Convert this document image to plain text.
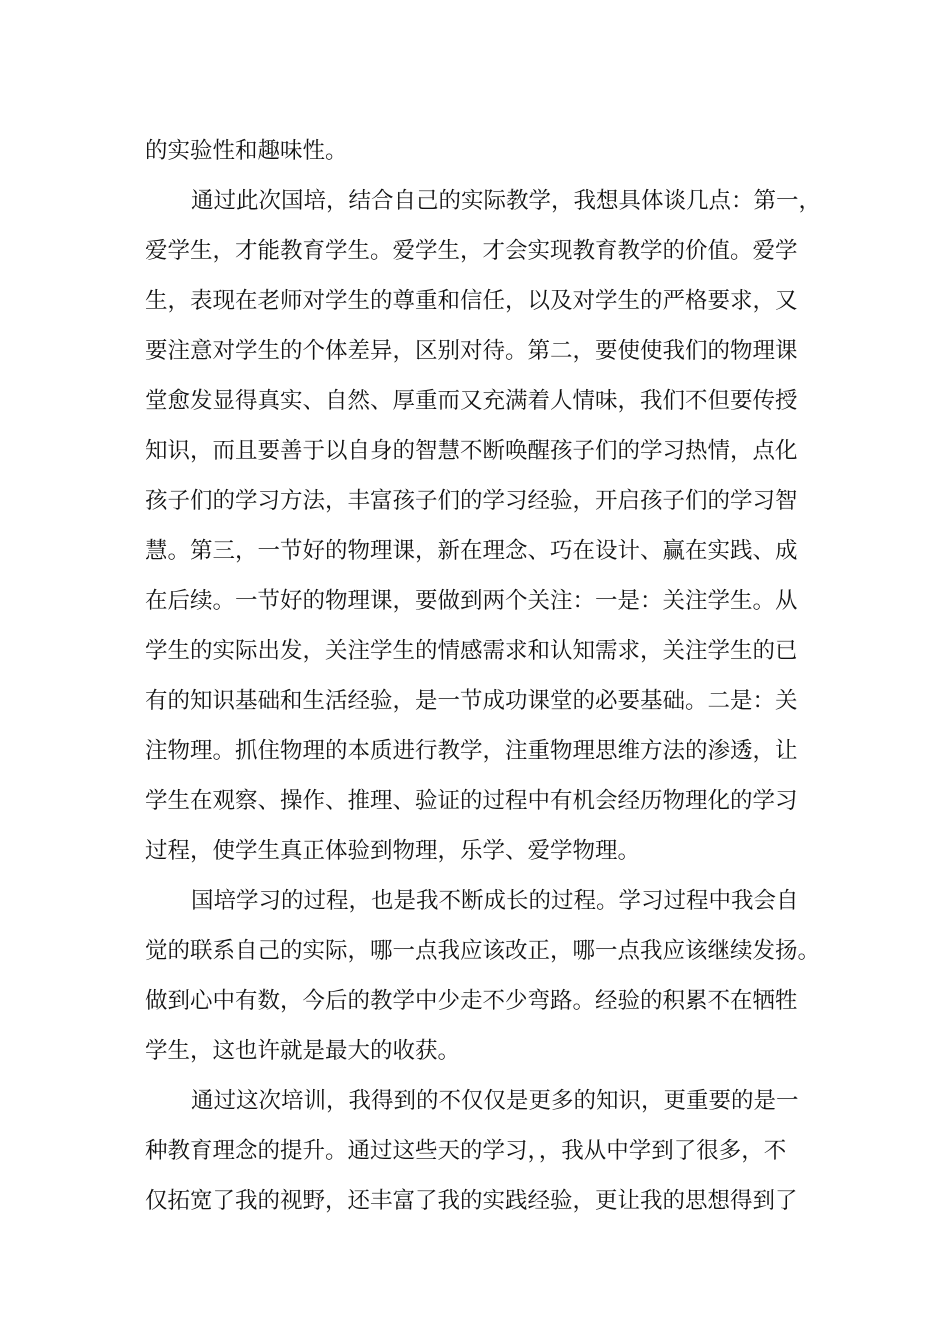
的实验性和趣味性。
通过此次国培，结合自己的实际教学，我想具体谈几点：第一，
爱学生，才能教育学生。爱学生，才会实现教育教学的价值。爱学
生，表现在老师对学生的尊重和信任，以及对学生的严格要求，又
要注意对学生的个体差异，区别对待。第二，要使使我们的物理课
堂愈发显得真实、自然、厚重而又充满着人情味，我们不但要传授
知识，而且要善于以自身的智慧不断唤醒孩子们的学习热情，点化
孩子们的学习方法，丰富孩子们的学习经验，开启孩子们的学习智
慧。第三，一节好的物理课，新在理念、巧在设计、赢在实践、成
在后续。一节好的物理课，要做到两个关注：一是：关注学生。从
学生的实际出发，关注学生的情感需求和认知需求，关注学生的已
有的知识基础和生活经验，是一节成功课堂的必要基础。二是：关
注物理。抓住物理的本质进行教学，注重物理思维方法的渗透，让
学生在观察、操作、推理、验证的过程中有机会经历物理化的学习
过程，使学生真正体验到物理，乐学、爱学物理。
国培学习的过程，也是我不断成长的过程。学习过程中我会自
觉的联系自己的实际，哪一点我应该改正，哪一点我应该继续发扬。
做到心中有数，今后的教学中少走不少弯路。经验的积累不在牺牲
学生，这也许就是最大的收获。
通过这次培训，我得到的不仅仅是更多的知识，更重要的是一
种教育理念的提升。通过这些天的学习，，我从中学到了很多，不
仅拓宽了我的视野，还丰富了我的实践经验，更让我的思想得到了
